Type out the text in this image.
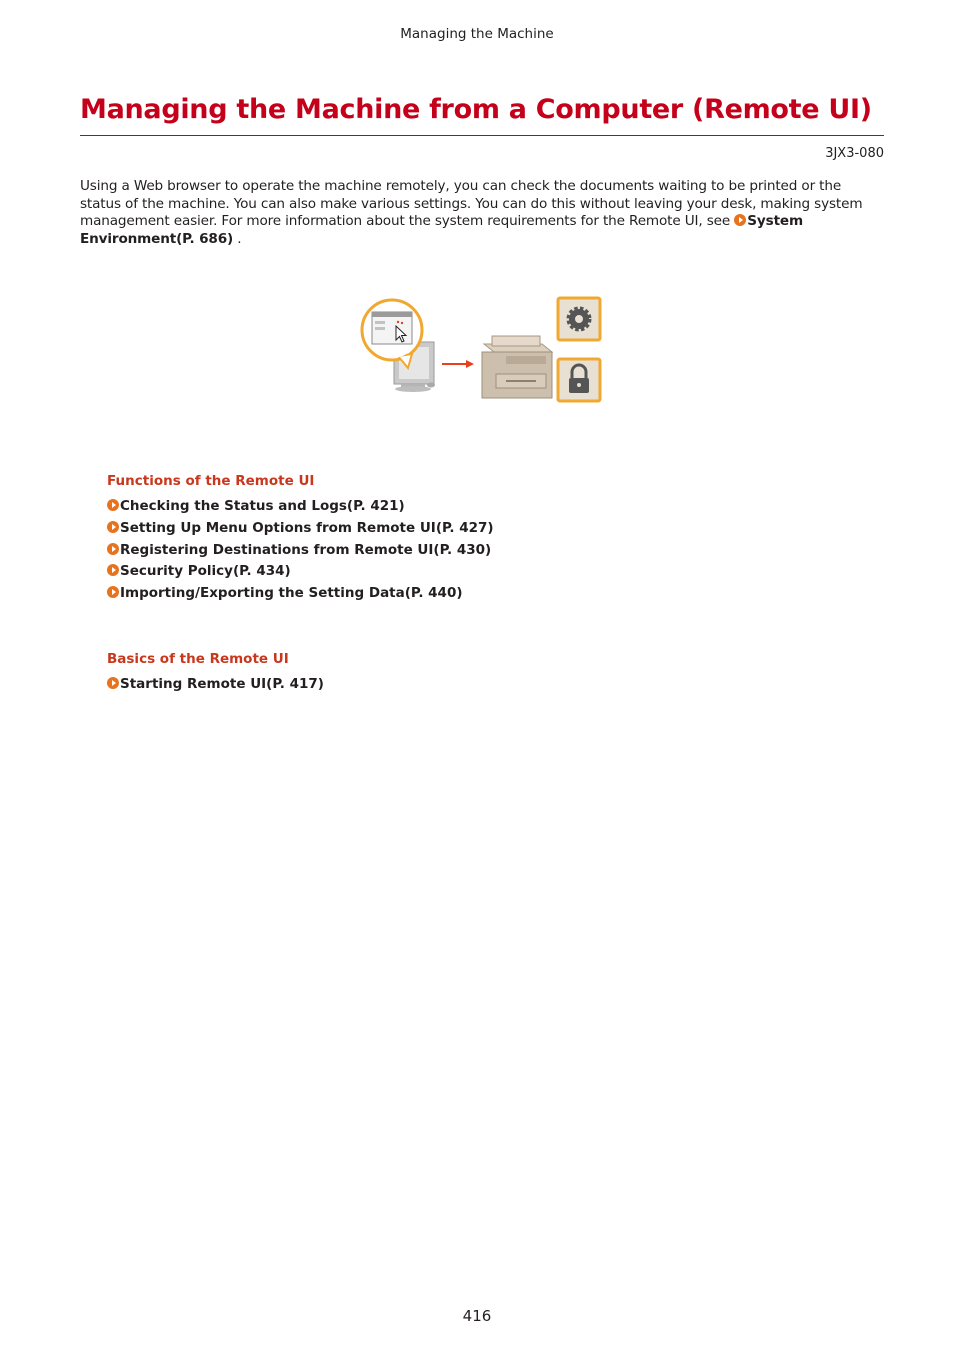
Managing the Machine
Managing the Machine from a Computer (Remote UI)
3JX3-080

Using a Web browser to operate the machine remotely, you can check the documents waiting to be printed or the status of the machine. You can also make various settings. You can do this without leaving your desk, making system management easier. For more information about the system requirements for the Remote UI, see System Environment(P. 686) .

Functions of the Remote UI
Checking the Status and Logs(P. 421)
Setting Up Menu Options from Remote UI(P. 427)
Registering Destinations from Remote UI(P. 430)
Security Policy(P. 434)
Importing/Exporting the Setting Data(P. 440)
Basics of the Remote UI
Starting Remote UI(P. 417)
416
